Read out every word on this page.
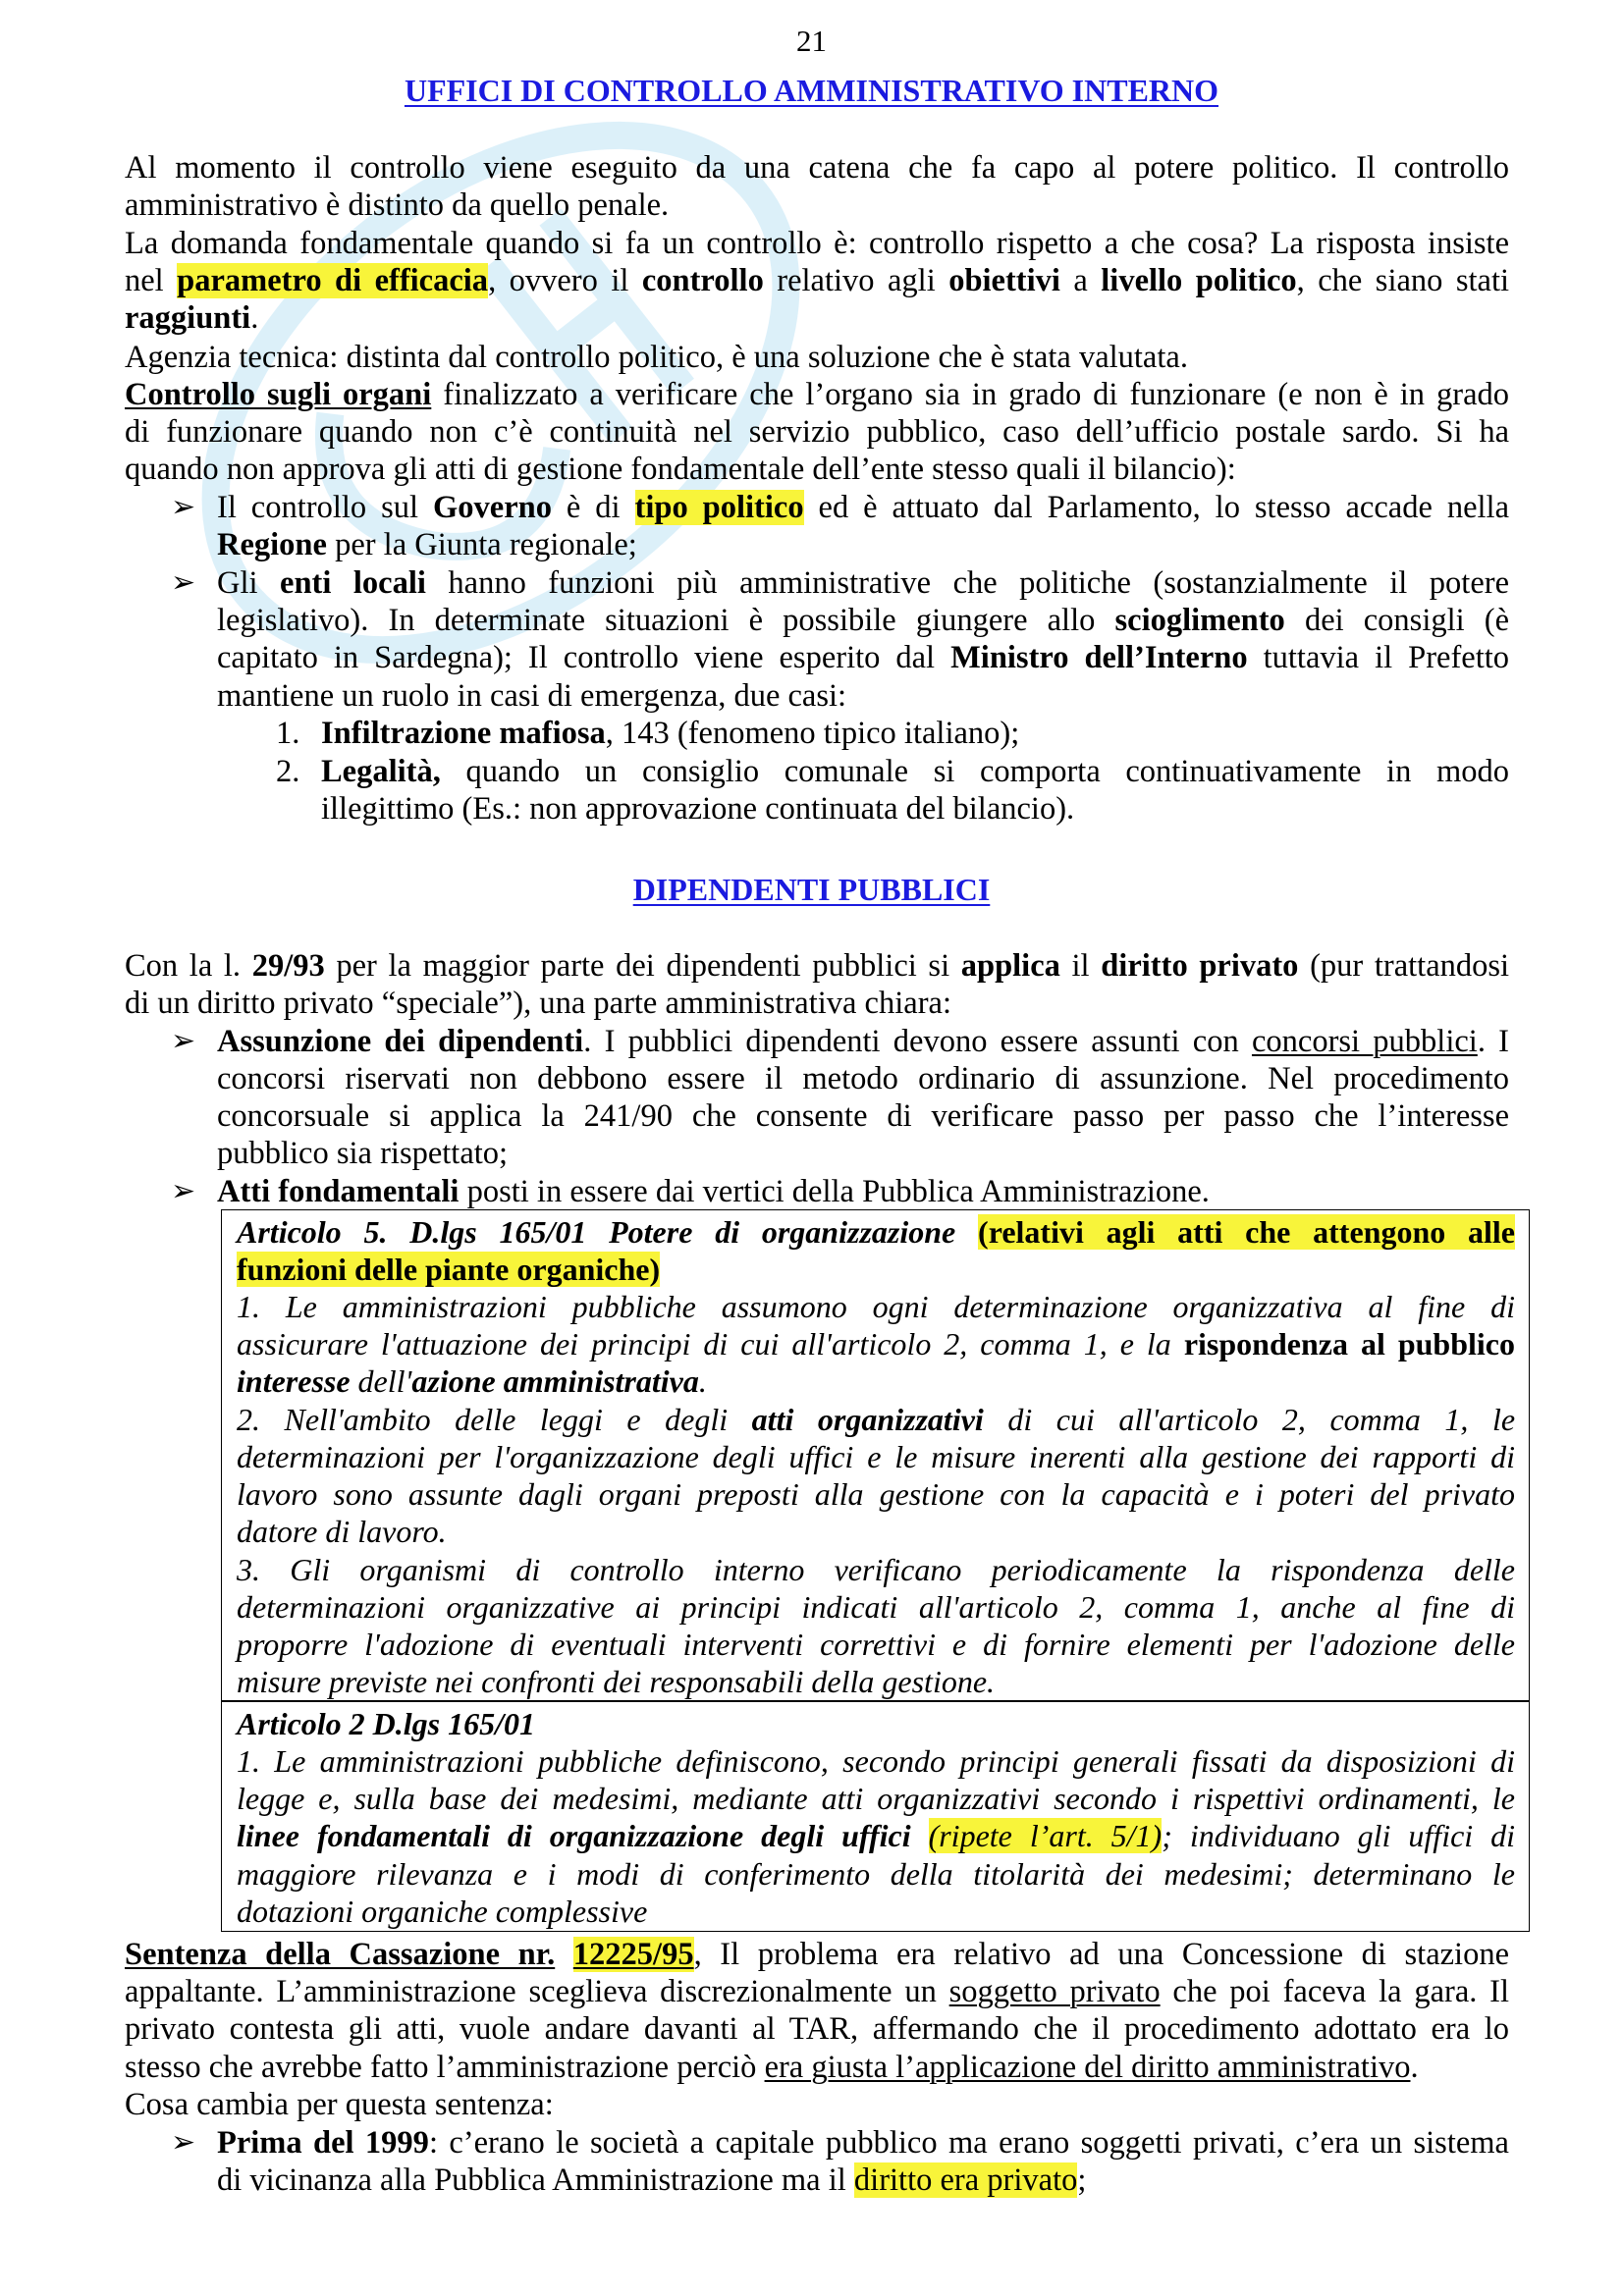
21
UFFICI DI CONTROLLO AMMINISTRATIVO INTERNO
Al momento il controllo viene eseguito da una catena che fa capo al potere politico. Il controllo
amministrativo è distinto da quello penale.
La domanda fondamentale quando si fa un controllo è: controllo rispetto a che cosa? La risposta insiste
nel parametro di efficacia, ovvero il controllo relativo agli obiettivi a livello politico, che siano stati
raggiunti.
Agenzia tecnica: distinta dal controllo politico, è una soluzione che è stata valutata.
Controllo sugli organi finalizzato a verificare che l’organo sia in grado di funzionare (e non è in grado
di funzionare quando non c’è continuità nel servizio pubblico, caso dell’ufficio postale sardo. Si ha
quando non approva gli atti di gestione fondamentale dell’ente stesso quali il bilancio):
➢ Il controllo sul Governo è di tipo politico ed è attuato dal Parlamento, lo stesso accade nella
Regione per la Giunta regionale;
➢ Gli enti locali hanno funzioni più amministrative che politiche (sostanzialmente il potere
legislativo). In determinate situazioni è possibile giungere allo scioglimento dei consigli (è
capitato in Sardegna); Il controllo viene esperito dal Ministro dell’Interno tuttavia il Prefetto
mantiene un ruolo in casi di emergenza, due casi:
1. Infiltrazione mafiosa, 143 (fenomeno tipico italiano);
2. Legalità, quando un consiglio comunale si comporta continuativamente in modo
illegittimo (Es.: non approvazione continuata del bilancio).
DIPENDENTI PUBBLICI
Con la l. 29/93 per la maggior parte dei dipendenti pubblici si applica il diritto privato (pur trattandosi
di un diritto privato “speciale”), una parte amministrativa chiara:
➢ Assunzione dei dipendenti. I pubblici dipendenti devono essere assunti con concorsi pubblici. I
concorsi riservati non debbono essere il metodo ordinario di assunzione. Nel procedimento
concorsuale si applica la 241/90 che consente di verificare passo per passo che l’interesse
pubblico sia rispettato;
➢ Atti fondamentali posti in essere dai vertici della Pubblica Amministrazione.
Articolo 5. D.lgs 165/01 Potere di organizzazione (relativi agli atti che attengono alle
funzioni delle piante organiche)
1. Le amministrazioni pubbliche assumono ogni determinazione organizzativa al fine di
assicurare l'attuazione dei principi di cui all'articolo 2, comma 1, e la rispondenza al pubblico
interesse dell'azione amministrativa.
2. Nell'ambito delle leggi e degli atti organizzativi di cui all'articolo 2, comma 1, le
determinazioni per l'organizzazione degli uffici e le misure inerenti alla gestione dei rapporti di
lavoro sono assunte dagli organi preposti alla gestione con la capacità e i poteri del privato
datore di lavoro.
3. Gli organismi di controllo interno verificano periodicamente la rispondenza delle
determinazioni organizzative ai principi indicati all'articolo 2, comma 1, anche al fine di
proporre l'adozione di eventuali interventi correttivi e di fornire elementi per l'adozione delle
misure previste nei confronti dei responsabili della gestione.
Articolo 2 D.lgs 165/01
1. Le amministrazioni pubbliche definiscono, secondo principi generali fissati da disposizioni di
legge e, sulla base dei medesimi, mediante atti organizzativi secondo i rispettivi ordinamenti, le
linee fondamentali di organizzazione degli uffici (ripete l’art. 5/1); individuano gli uffici di
maggiore rilevanza e i modi di conferimento della titolarità dei medesimi; determinano le
dotazioni organiche complessive
Sentenza della Cassazione nr. 12225/95, Il problema era relativo ad una Concessione di stazione
appaltante. L’amministrazione sceglieva discrezionalmente un soggetto privato che poi faceva la gara. Il
privato contesta gli atti, vuole andare davanti al TAR, affermando che il procedimento adottato era lo
stesso che avrebbe fatto l’amministrazione perciò era giusta l’applicazione del diritto amministrativo.
Cosa cambia per questa sentenza:
➢ Prima del 1999: c’erano le società a capitale pubblico ma erano soggetti privati, c’era un sistema
di vicinanza alla Pubblica Amministrazione ma il diritto era privato;
